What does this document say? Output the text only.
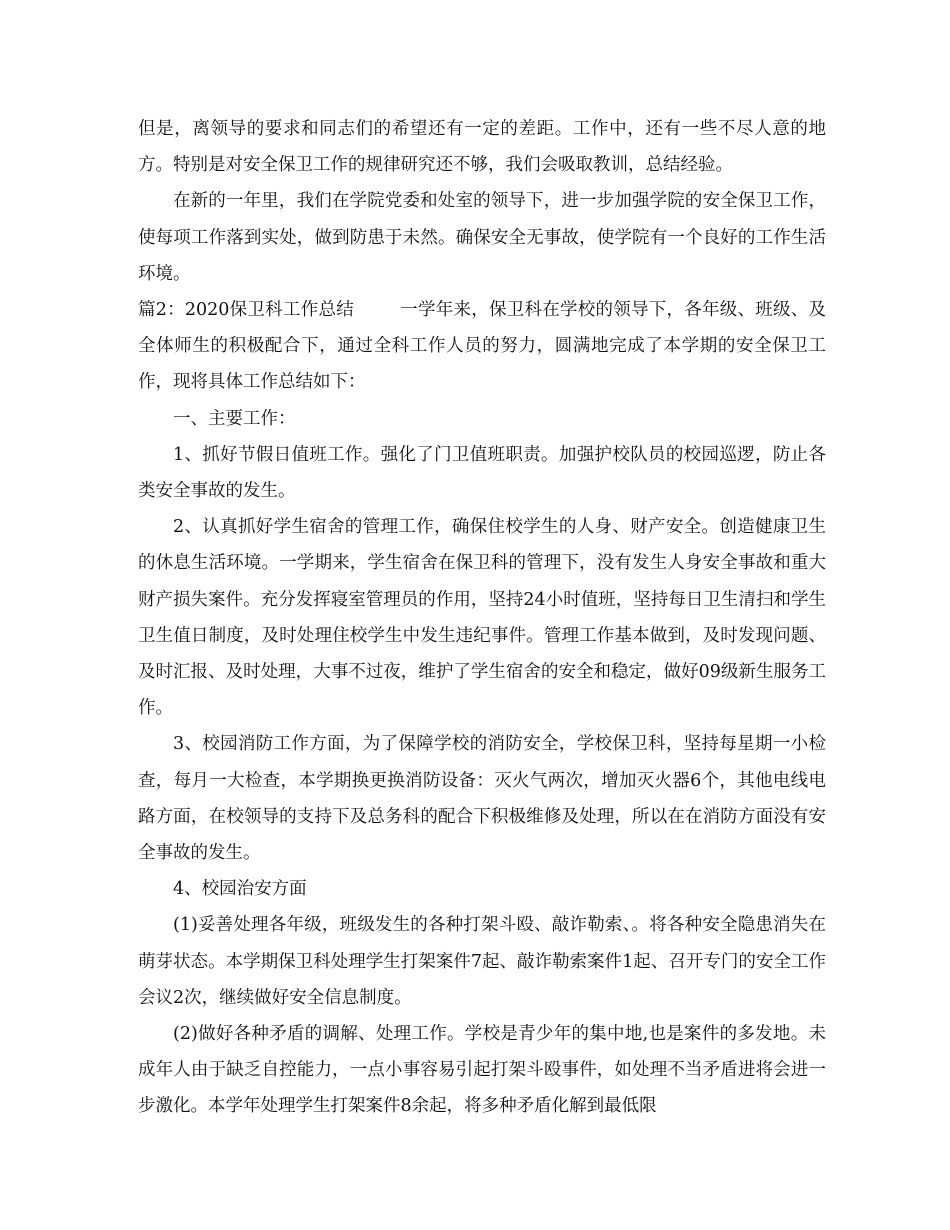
但是，离领导的要求和同志们的希望还有一定的差距。工作中，还有一些不尽人意的地方。特别是对安全保卫工作的规律研究还不够，我们会吸取教训，总结经验。

在新的一年里，我们在学院党委和处室的领导下，进一步加强学院的安全保卫工作，使每项工作落到实处，做到防患于未然。确保安全无事故，使学院有一个良好的工作生活环境。

篇2：2020保卫科工作总结	一学年来，保卫科在学校的领导下，各年级、班级、及全体师生的积极配合下，通过全科工作人员的努力，圆满地完成了本学期的安全保卫工作，现将具体工作总结如下：

一、主要工作：

1、抓好节假日值班工作。强化了门卫值班职责。加强护校队员的校园巡逻，防止各类安全事故的发生。

2、认真抓好学生宿舍的管理工作，确保住校学生的人身、财产安全。创造健康卫生的休息生活环境。一学期来，学生宿舍在保卫科的管理下，没有发生人身安全事故和重大财产损失案件。充分发挥寝室管理员的作用，坚持24小时值班，坚持每日卫生清扫和学生卫生值日制度，及时处理住校学生中发生违纪事件。管理工作基本做到，及时发现问题、及时汇报、及时处理，大事不过夜，维护了学生宿舍的安全和稳定，做好09级新生服务工作。

3、校园消防工作方面，为了保障学校的消防安全，学校保卫科，坚持每星期一小检查，每月一大检查，本学期换更换消防设备：灭火气两次，增加灭火器6个，其他电线电路方面，在校领导的支持下及总务科的配合下积极维修及处理，所以在在消防方面没有安全事故的发生。

4、校园治安方面

(1)妥善处理各年级，班级发生的各种打架斗殴、敲诈勒索、。将各种安全隐患消失在萌芽状态。本学期保卫科处理学生打架案件7起、敲诈勒索案件1起、召开专门的安全工作会议2次，继续做好安全信息制度。

(2)做好各种矛盾的调解、处理工作。学校是青少年的集中地,也是案件的多发地。未成年人由于缺乏自控能力，一点小事容易引起打架斗殴事件，如处理不当矛盾进将会进一步激化。本学年处理学生打架案件8余起，将多种矛盾化解到最低限
